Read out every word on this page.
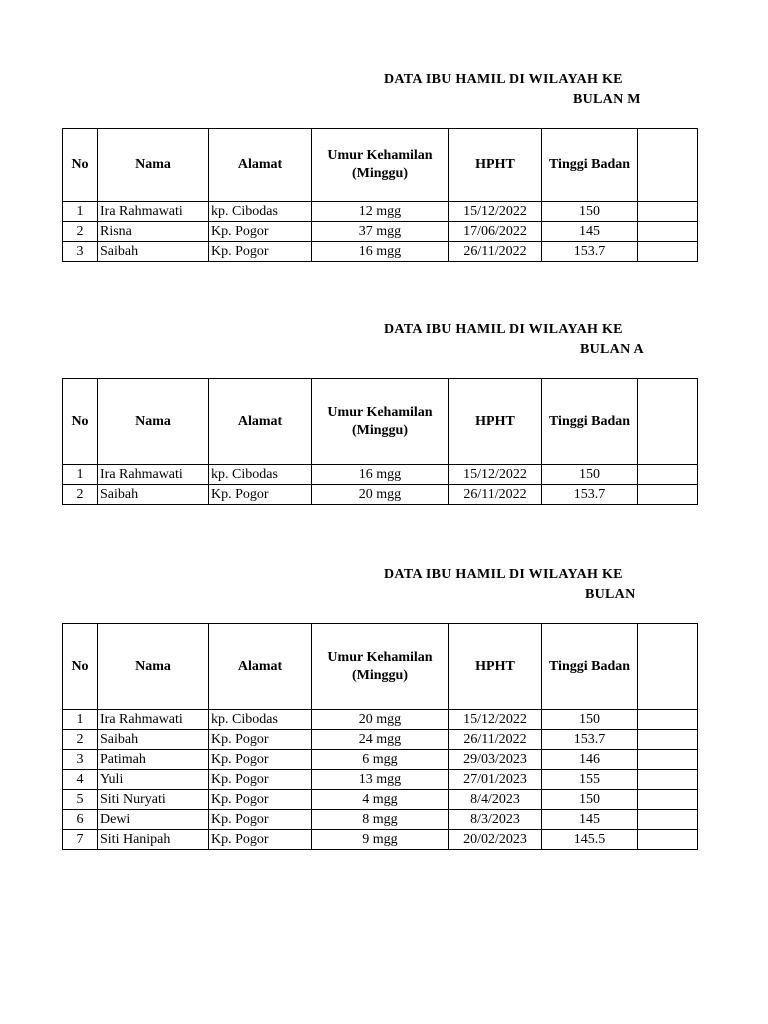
DATA IBU HAMIL DI WILAYAH KE
BULAN M
No	Nama	Alamat	Umur Kehamilan (Minggu)	HPHT	Tinggi Badan	
1	Ira Rahmawati	kp. Cibodas	12 mgg	15/12/2022	150	
2	Risna	Kp. Pogor	37 mgg	17/06/2022	145	
3	Saibah	Kp. Pogor	16 mgg	26/11/2022	153.7	
DATA IBU HAMIL DI WILAYAH KE
BULAN A
No	Nama	Alamat	Umur Kehamilan (Minggu)	HPHT	Tinggi Badan	
1	Ira Rahmawati	kp. Cibodas	16 mgg	15/12/2022	150	
2	Saibah	Kp. Pogor	20 mgg	26/11/2022	153.7	
DATA IBU HAMIL DI WILAYAH KE
BULAN
No	Nama	Alamat	Umur Kehamilan (Minggu)	HPHT	Tinggi Badan	
1	Ira Rahmawati	kp. Cibodas	20 mgg	15/12/2022	150	
2	Saibah	Kp. Pogor	24 mgg	26/11/2022	153.7	
3	Patimah	Kp. Pogor	6 mgg	29/03/2023	146	
4	Yuli	Kp. Pogor	13 mgg	27/01/2023	155	
5	Siti Nuryati	Kp. Pogor	4 mgg	8/4/2023	150	
6	Dewi	Kp. Pogor	8 mgg	8/3/2023	145	
7	Siti Hanipah	Kp. Pogor	9 mgg	20/02/2023	145.5	
